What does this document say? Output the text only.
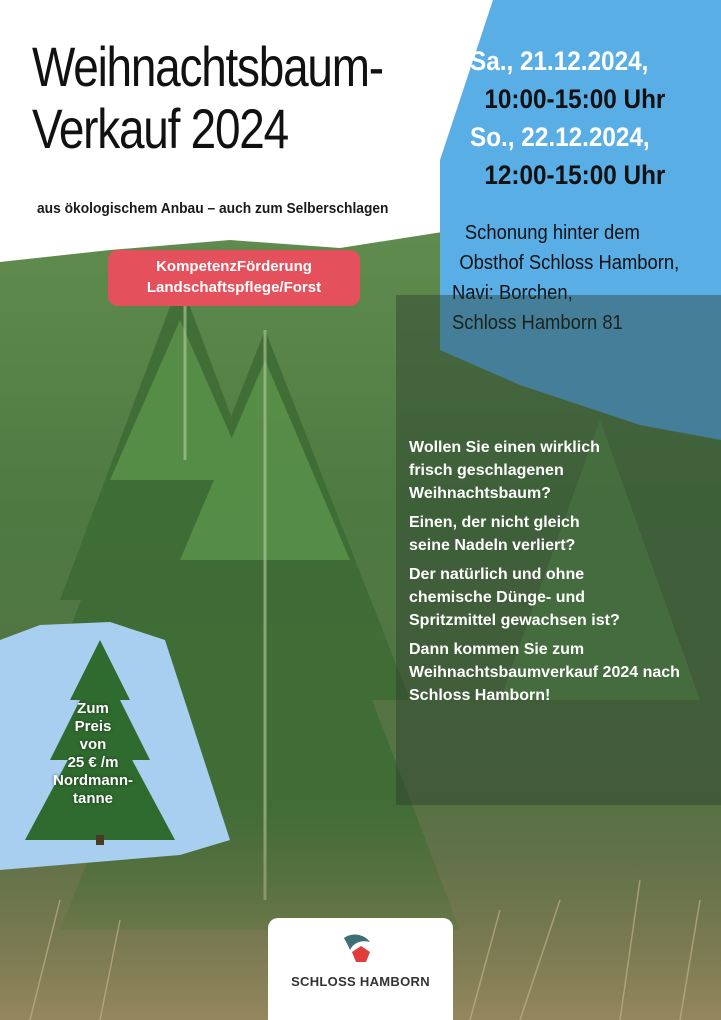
Weihnachtsbaum-
Verkauf 2024
aus ökologischem Anbau – auch zum Selberschlagen
KompetenzFörderung
Landschaftspflege/Forst
Sa., 21.12.2024,
10:00-15:00 Uhr
So., 22.12.2024,
12:00-15:00 Uhr
Schonung hinter dem
Obsthof Schloss Hamborn,
Navi: Borchen,
Schloss Hamborn 81

Wollen Sie einen wirklich frisch geschlagenen Weihnachtsbaum?

Einen, der nicht gleich seine Nadeln verliert?

Der natürlich und ohne chemische Dünge- und Spritzmittel gewachsen ist?

Dann kommen Sie zum Weihnachtsbaumverkauf 2024 nach Schloss Hamborn!

Zum
Preis
von
25 € /m
Nordmann-
tanne
SCHLOSS HAMBORN
